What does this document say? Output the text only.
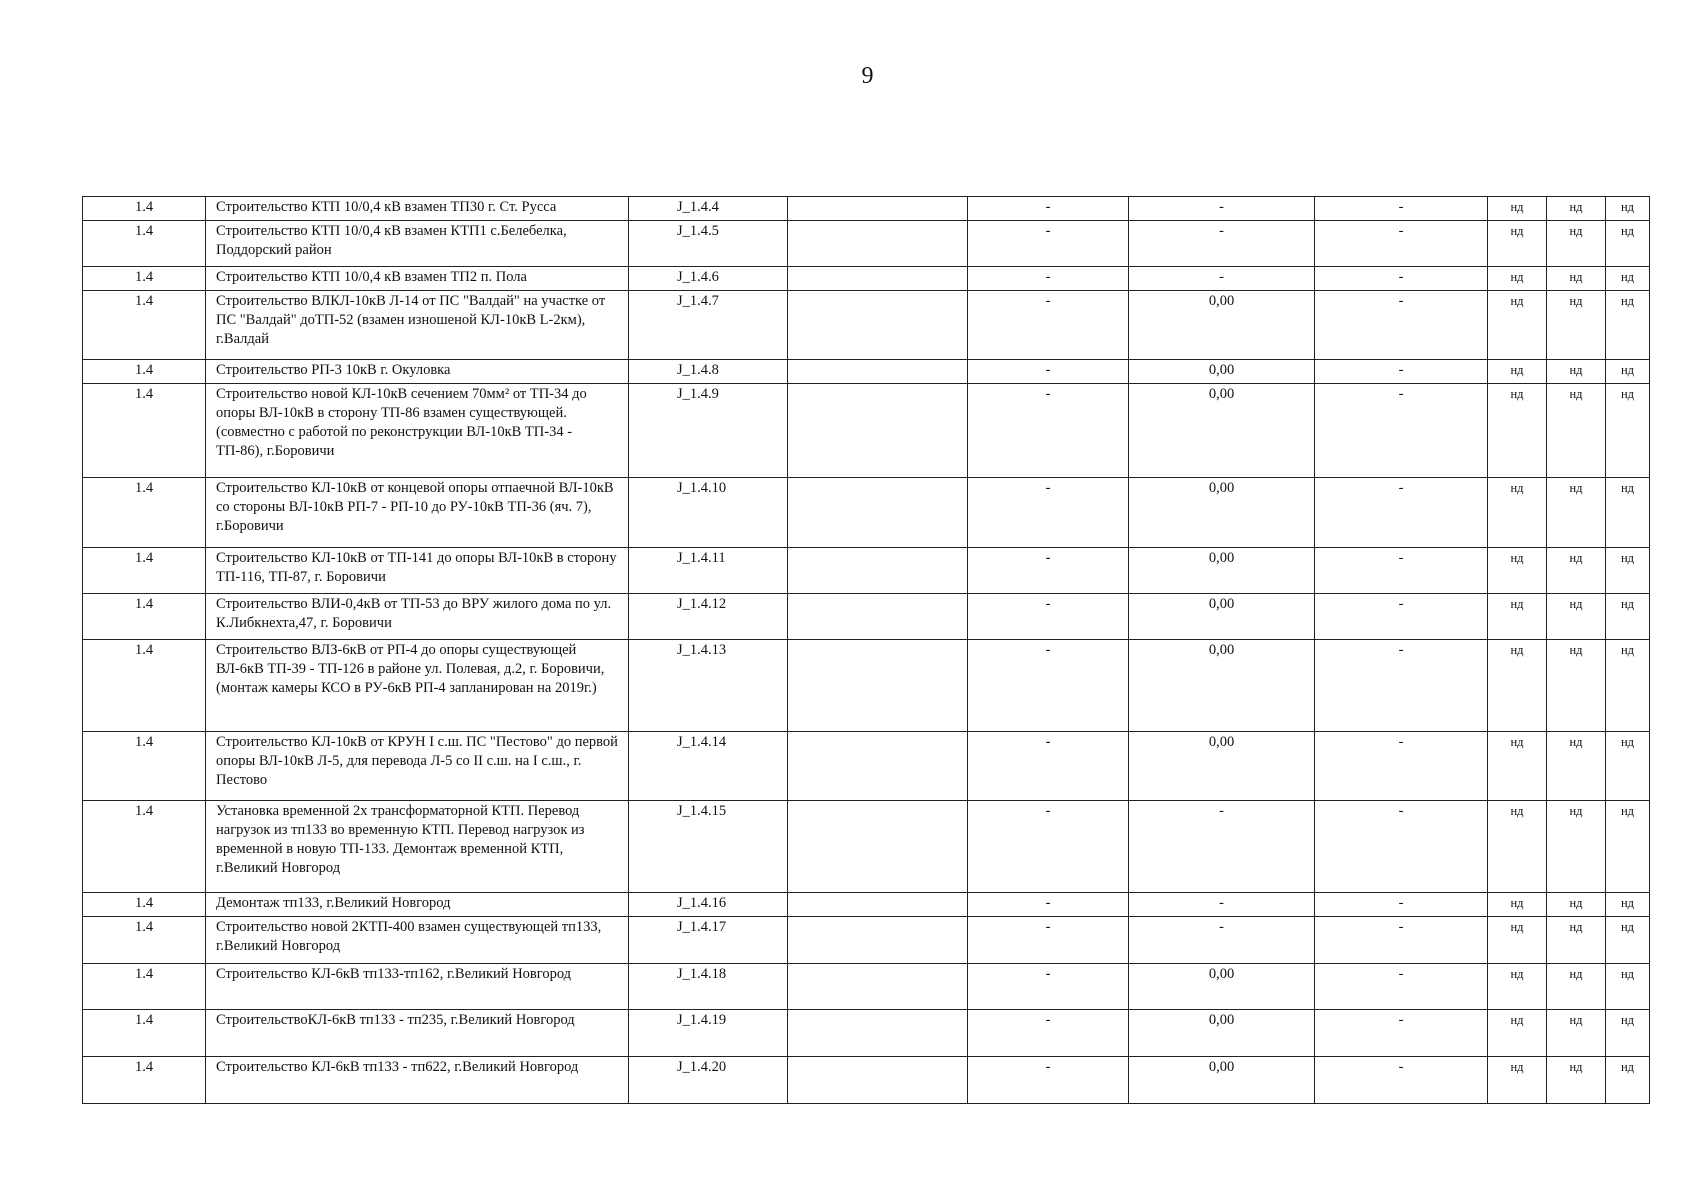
9
1.4	Строительство КТП 10/0,4 кВ взамен ТП30 г. Ст. Русса	J_1.4.4		-	-	-	нд	нд	нд
1.4	Строительство КТП 10/0,4 кВ взамен КТП1 с.Белебелка, Поддорский район	J_1.4.5		-	-	-	нд	нд	нд
1.4	Строительство КТП 10/0,4 кВ взамен ТП2 п. Пола	J_1.4.6		-	-	-	нд	нд	нд
1.4	Строительство ВЛКЛ-10кВ Л-14 от ПС "Валдай" на участке от ПС "Валдай" доТП-52 (взамен изношеной КЛ-10кВ L-2км), г.Валдай	J_1.4.7		-	0,00	-	нд	нд	нд
1.4	Строительство РП-3 10кВ г. Окуловка	J_1.4.8		-	0,00	-	нд	нд	нд
1.4	Строительство новой КЛ-10кВ сечением 70мм² от ТП-34 до опоры ВЛ-10кВ в сторону ТП-86 взамен существующей. (совместно с работой по реконструкции ВЛ-10кВ ТП-34 - ТП-86), г.Боровичи	J_1.4.9		-	0,00	-	нд	нд	нд
1.4	Строительство КЛ-10кВ от концевой опоры отпаечной ВЛ-10кВ со стороны ВЛ-10кВ РП-7 - РП-10 до РУ-10кВ ТП-36 (яч. 7), г.Боровичи	J_1.4.10		-	0,00	-	нд	нд	нд
1.4	Строительство КЛ-10кВ от ТП-141 до опоры ВЛ-10кВ в сторону ТП-116, ТП-87, г. Боровичи	J_1.4.11		-	0,00	-	нд	нд	нд
1.4	Строительство ВЛИ-0,4кВ от ТП-53 до ВРУ жилого дома по ул. К.Либкнехта,47, г. Боровичи	J_1.4.12		-	0,00	-	нд	нд	нд
1.4	Строительство ВЛЗ-6кВ от РП-4 до опоры существующей ВЛ-6кВ ТП-39 - ТП-126 в районе ул. Полевая, д.2, г. Боровичи, (монтаж камеры КСО в РУ-6кВ РП-4 запланирован на 2019г.)	J_1.4.13		-	0,00	-	нд	нд	нд
1.4	Строительство КЛ-10кВ от КРУН I с.ш. ПС "Пестово" до первой опоры ВЛ-10кВ Л-5, для перевода Л-5 со II с.ш. на I с.ш., г. Пестово	J_1.4.14		-	0,00	-	нд	нд	нд
1.4	Установка временной 2х трансформаторной КТП. Перевод нагрузок из тп133 во временную КТП. Перевод нагрузок из временной в новую ТП-133. Демонтаж временной КТП, г.Великий Новгород	J_1.4.15		-	-	-	нд	нд	нд
1.4	Демонтаж тп133, г.Великий Новгород	J_1.4.16		-	-	-	нд	нд	нд
1.4	Строительство новой 2КТП-400 взамен существующей тп133, г.Великий Новгород	J_1.4.17		-	-	-	нд	нд	нд
1.4	Строительство КЛ-6кВ тп133-тп162, г.Великий Новгород	J_1.4.18		-	0,00	-	нд	нд	нд
1.4	СтроительствоКЛ-6кВ тп133 - тп235, г.Великий Новгород	J_1.4.19		-	0,00	-	нд	нд	нд
1.4	Строительство КЛ-6кВ тп133 - тп622, г.Великий Новгород	J_1.4.20		-	0,00	-	нд	нд	нд
